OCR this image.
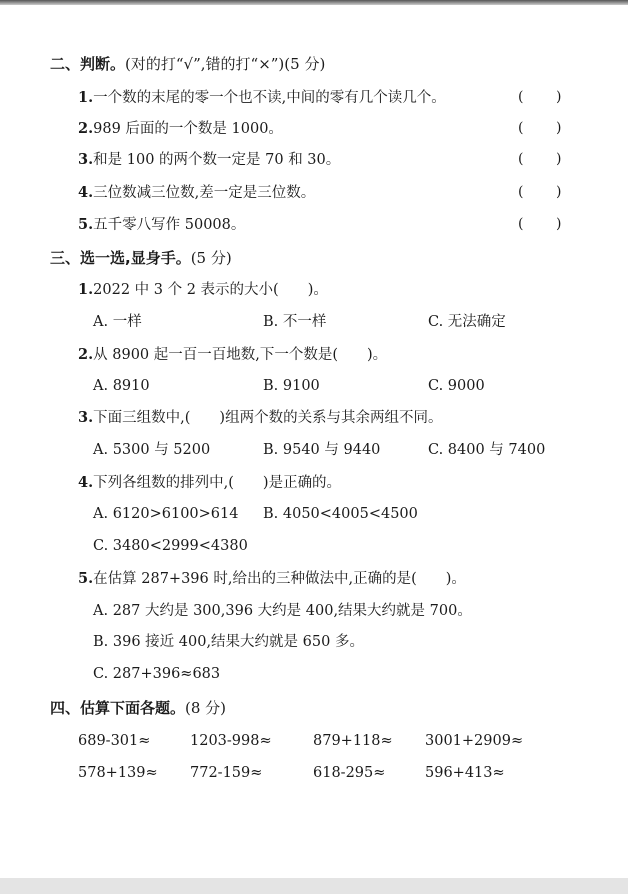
二、判断。(对的打“√”,错的打“×”)(5 分)
1.一个数的末尾的零一个也不读,中间的零有几个读几个。	( )
2.989 后面的一个数是 1000。	( )
3.和是 100 的两个数一定是 70 和 30。	( )
4.三位数减三位数,差一定是三位数。	( )
5.五千零八写作 50008。	( )
三、选一选,显身手。(5 分)
1.2022 中 3 个 2 表示的大小(　　)。
A. 一样	B. 不一样	C. 无法确定
2.从 8900 起一百一百地数,下一个数是(　　)。
A. 8910	B. 9100	C. 9000
3.下面三组数中,(　　)组两个数的关系与其余两组不同。
A. 5300 与 5200	B. 9540 与 9440	C. 8400 与 7400
4.下列各组数的排列中,(　　)是正确的。
A. 6120>6100>614 B. 4050<4005<4500
C. 3480<2999<4380
5.在估算 287+396 时,给出的三种做法中,正确的是(　　)。
A. 287 大约是 300,396 大约是 400,结果大约就是 700。
B. 396 接近 400,结果大约就是 650 多。
C. 287+396≈683
四、估算下面各题。(8 分)
689-301≈	1203-998≈	879+118≈ 3001+2909≈
578+139≈ 772-159≈	618-295≈	596+413≈
